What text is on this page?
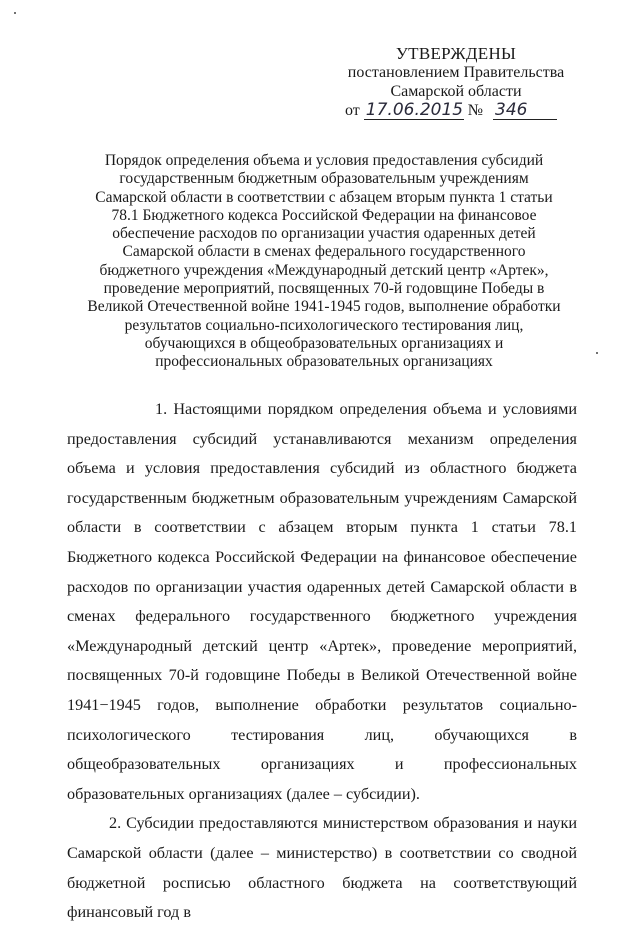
УТВЕРЖДЕНЫ
постановлением Правительства
Самарской области
от 17.06.2015 № 346
Порядок определения объема и условия предоставления субсидий государственным бюджетным образовательным учреждениям Самарской области в соответствии с абзацем вторым пункта 1 статьи 78.1 Бюджетного кодекса Российской Федерации на финансовое обеспечение расходов по организации участия одаренных детей Самарской области в сменах федерального государственного бюджетного учреждения «Международный детский центр «Артек», проведение мероприятий, посвященных 70-й годовщине Победы в Великой Отечественной войне 1941-1945 годов, выполнение обработки результатов социально-психологического тестирования лиц, обучающихся в общеобразовательных организациях и профессиональных образовательных организациях

1. Настоящими порядком определения объема и условиями предоставления субсидий устанавливаются механизм определения объема и условия предоставления субсидий из областного бюджета государственным бюджетным образовательным учреждениям Самарской области в соответствии с абзацем вторым пункта 1 статьи 78.1 Бюджетного кодекса Российской Федерации на финансовое обеспечение расходов по организации участия одаренных детей Самарской области в сменах федерального государственного бюджетного учреждения «Международный детский центр «Артек», проведение мероприятий, посвященных 70-й годовщине Победы в Великой Отечественной войне 1941−1945 годов, выполнение обработки результатов социально-психологического тестирования лиц, обучающихся в общеобразовательных организациях и профессиональных образовательных организациях (далее – субсидии).

2. Субсидии предоставляются министерством образования и науки Самарской области (далее – министерство) в соответствии со сводной бюджетной росписью областного бюджета на соответствующий финансовый год в
